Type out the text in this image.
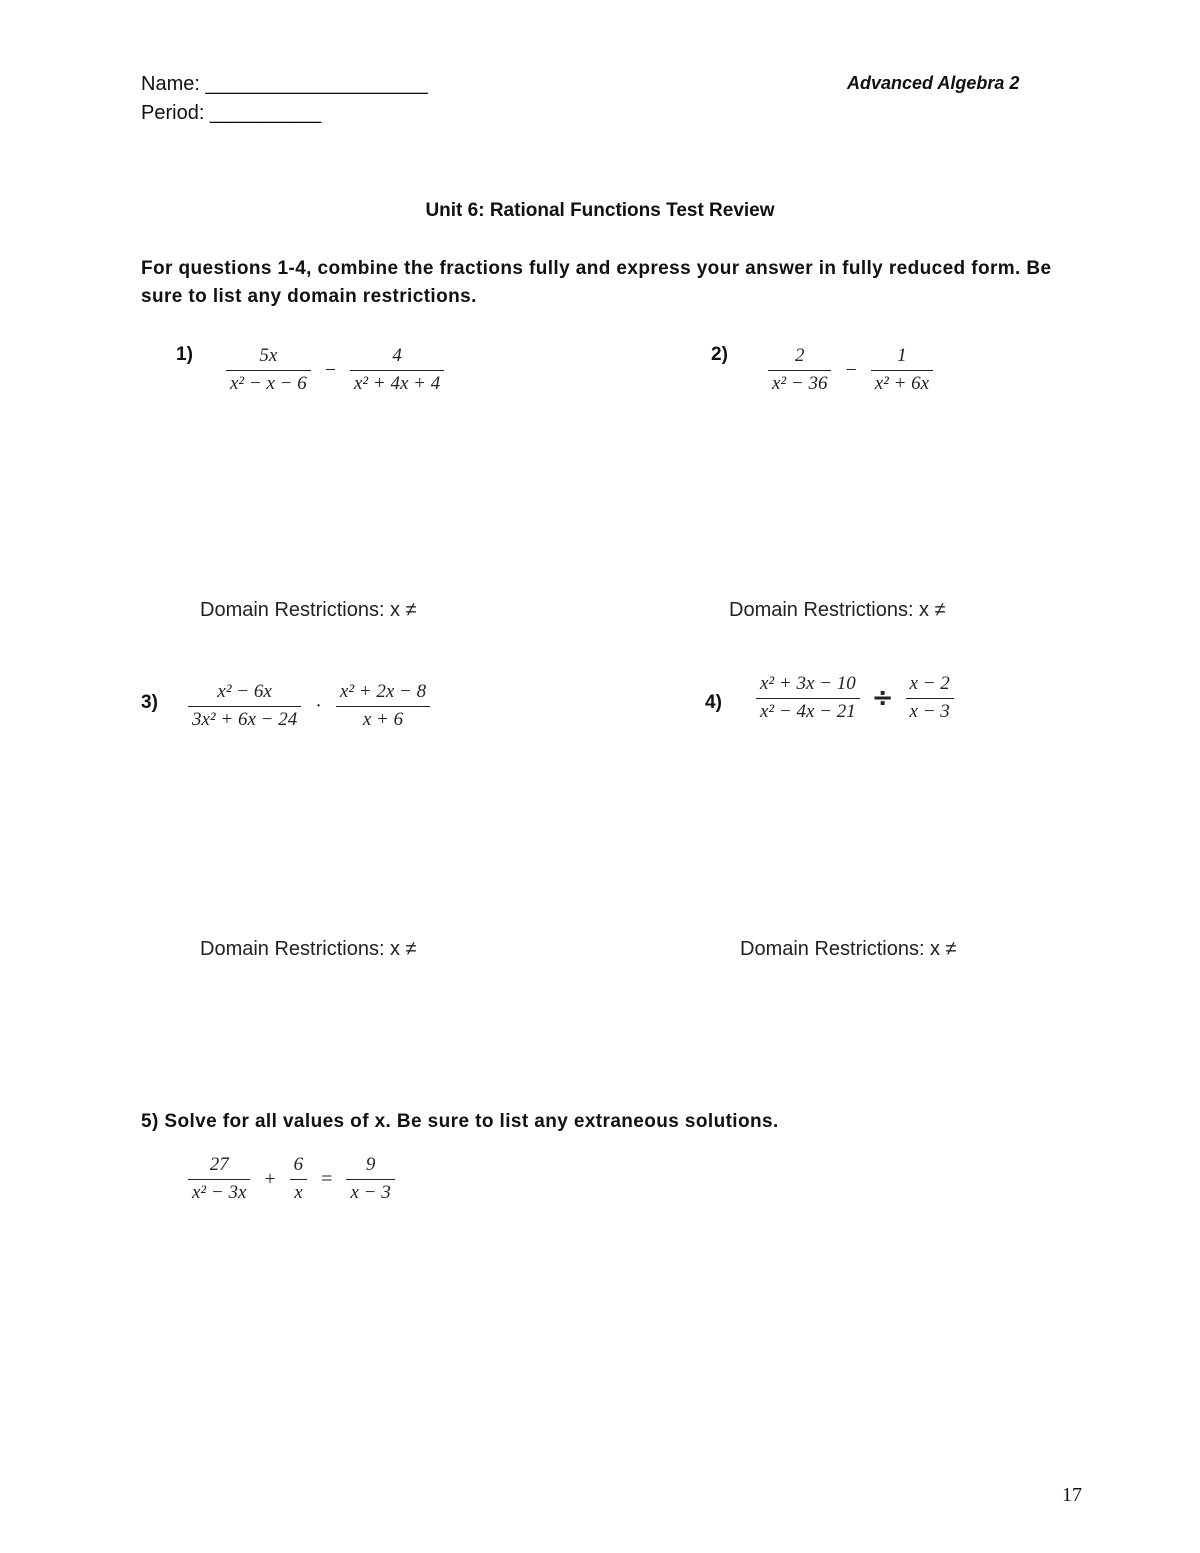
Name: ____________________
Period: __________
Advanced Algebra 2
Unit 6: Rational Functions Test Review
For questions 1-4, combine the fractions fully and express your answer in fully reduced form. Be sure to list any domain restrictions.
$1) \frac{5x}{\text{x² − x − 6}} - \frac{4}{\text{x² + 4x + 4}}$
Domain Restrictions: x ≠
$2) \frac{2}{\text{x² − 36}} - \frac{1}{\text{x² + 6x}}$
Domain Restrictions: x ≠
$3) \frac{\text{x² − 6x}}{\text{3x² + 6x − 24}} \cdot \frac{\text{x² + 2x − 8}}{x + 6}$
Domain Restrictions: x ≠
$4) \frac{\text{x² + 3x − 10}}{\text{x² − 4x − 21}} \div \frac{x - 2}{x - 3}$
Domain Restrictions: x ≠
5) Solve for all values of x. Be sure to list any extraneous solutions.
$\frac{27}{\text{x² − 3x}} + \frac{6}{x} = \frac{9}{x - 3}$
17
